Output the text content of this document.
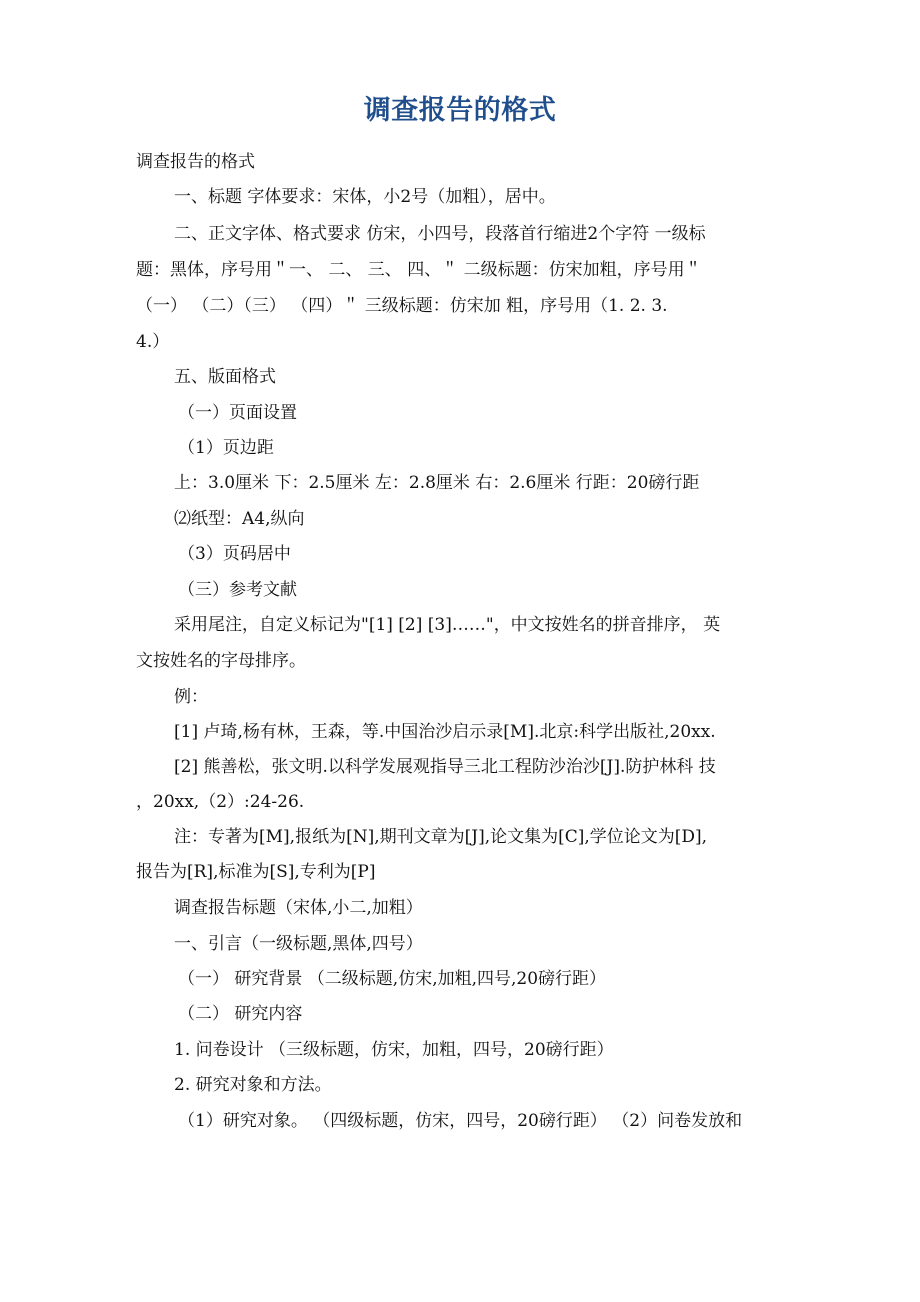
调查报告的格式
调查报告的格式
一、标题 字体要求：宋体，小2号（加粗），居中。
二、正文字体、格式要求 仿宋，小四号，段落首行缩进2个字符 一级标
题：黑体，序号用＂一、 二、 三、 四、＂ 二级标题：仿宋加粗，序号用＂
（一） （二）（三） （四）＂ 三级标题：仿宋加 粗，序号用（1. 2. 3.
4.）
五、版面格式
（一）页面设置
（1）页边距
上：3.0厘米 下：2.5厘米 左：2.8厘米 右：2.6厘米 行距：20磅行距
⑵纸型：A4,纵向
（3）页码居中
（三）参考文献
采用尾注，自定义标记为"[1] [2] [3]……"，中文按姓名的拼音排序， 英
文按姓名的字母排序。
例：
[1] 卢琦,杨有林，王森，等.中国治沙启示录[M].北京:科学出版社,20xx.
[2] 熊善松，张文明.以科学发展观指导三北工程防沙治沙[J].防护林科 技
，20xx,（2）:24-26.
注：专著为[M],报纸为[N],期刊文章为[J],论文集为[C],学位论文为[D],
报告为[R],标准为[S],专利为[P]
调查报告标题（宋体,小二,加粗）
一、引言（一级标题,黑体,四号）
（一） 研究背景 （二级标题,仿宋,加粗,四号,20磅行距）
（二） 研究内容
1. 问卷设计 （三级标题，仿宋，加粗，四号，20磅行距）
2. 研究对象和方法。
（1）研究对象。 （四级标题，仿宋，四号，20磅行距） （2）问卷发放和
